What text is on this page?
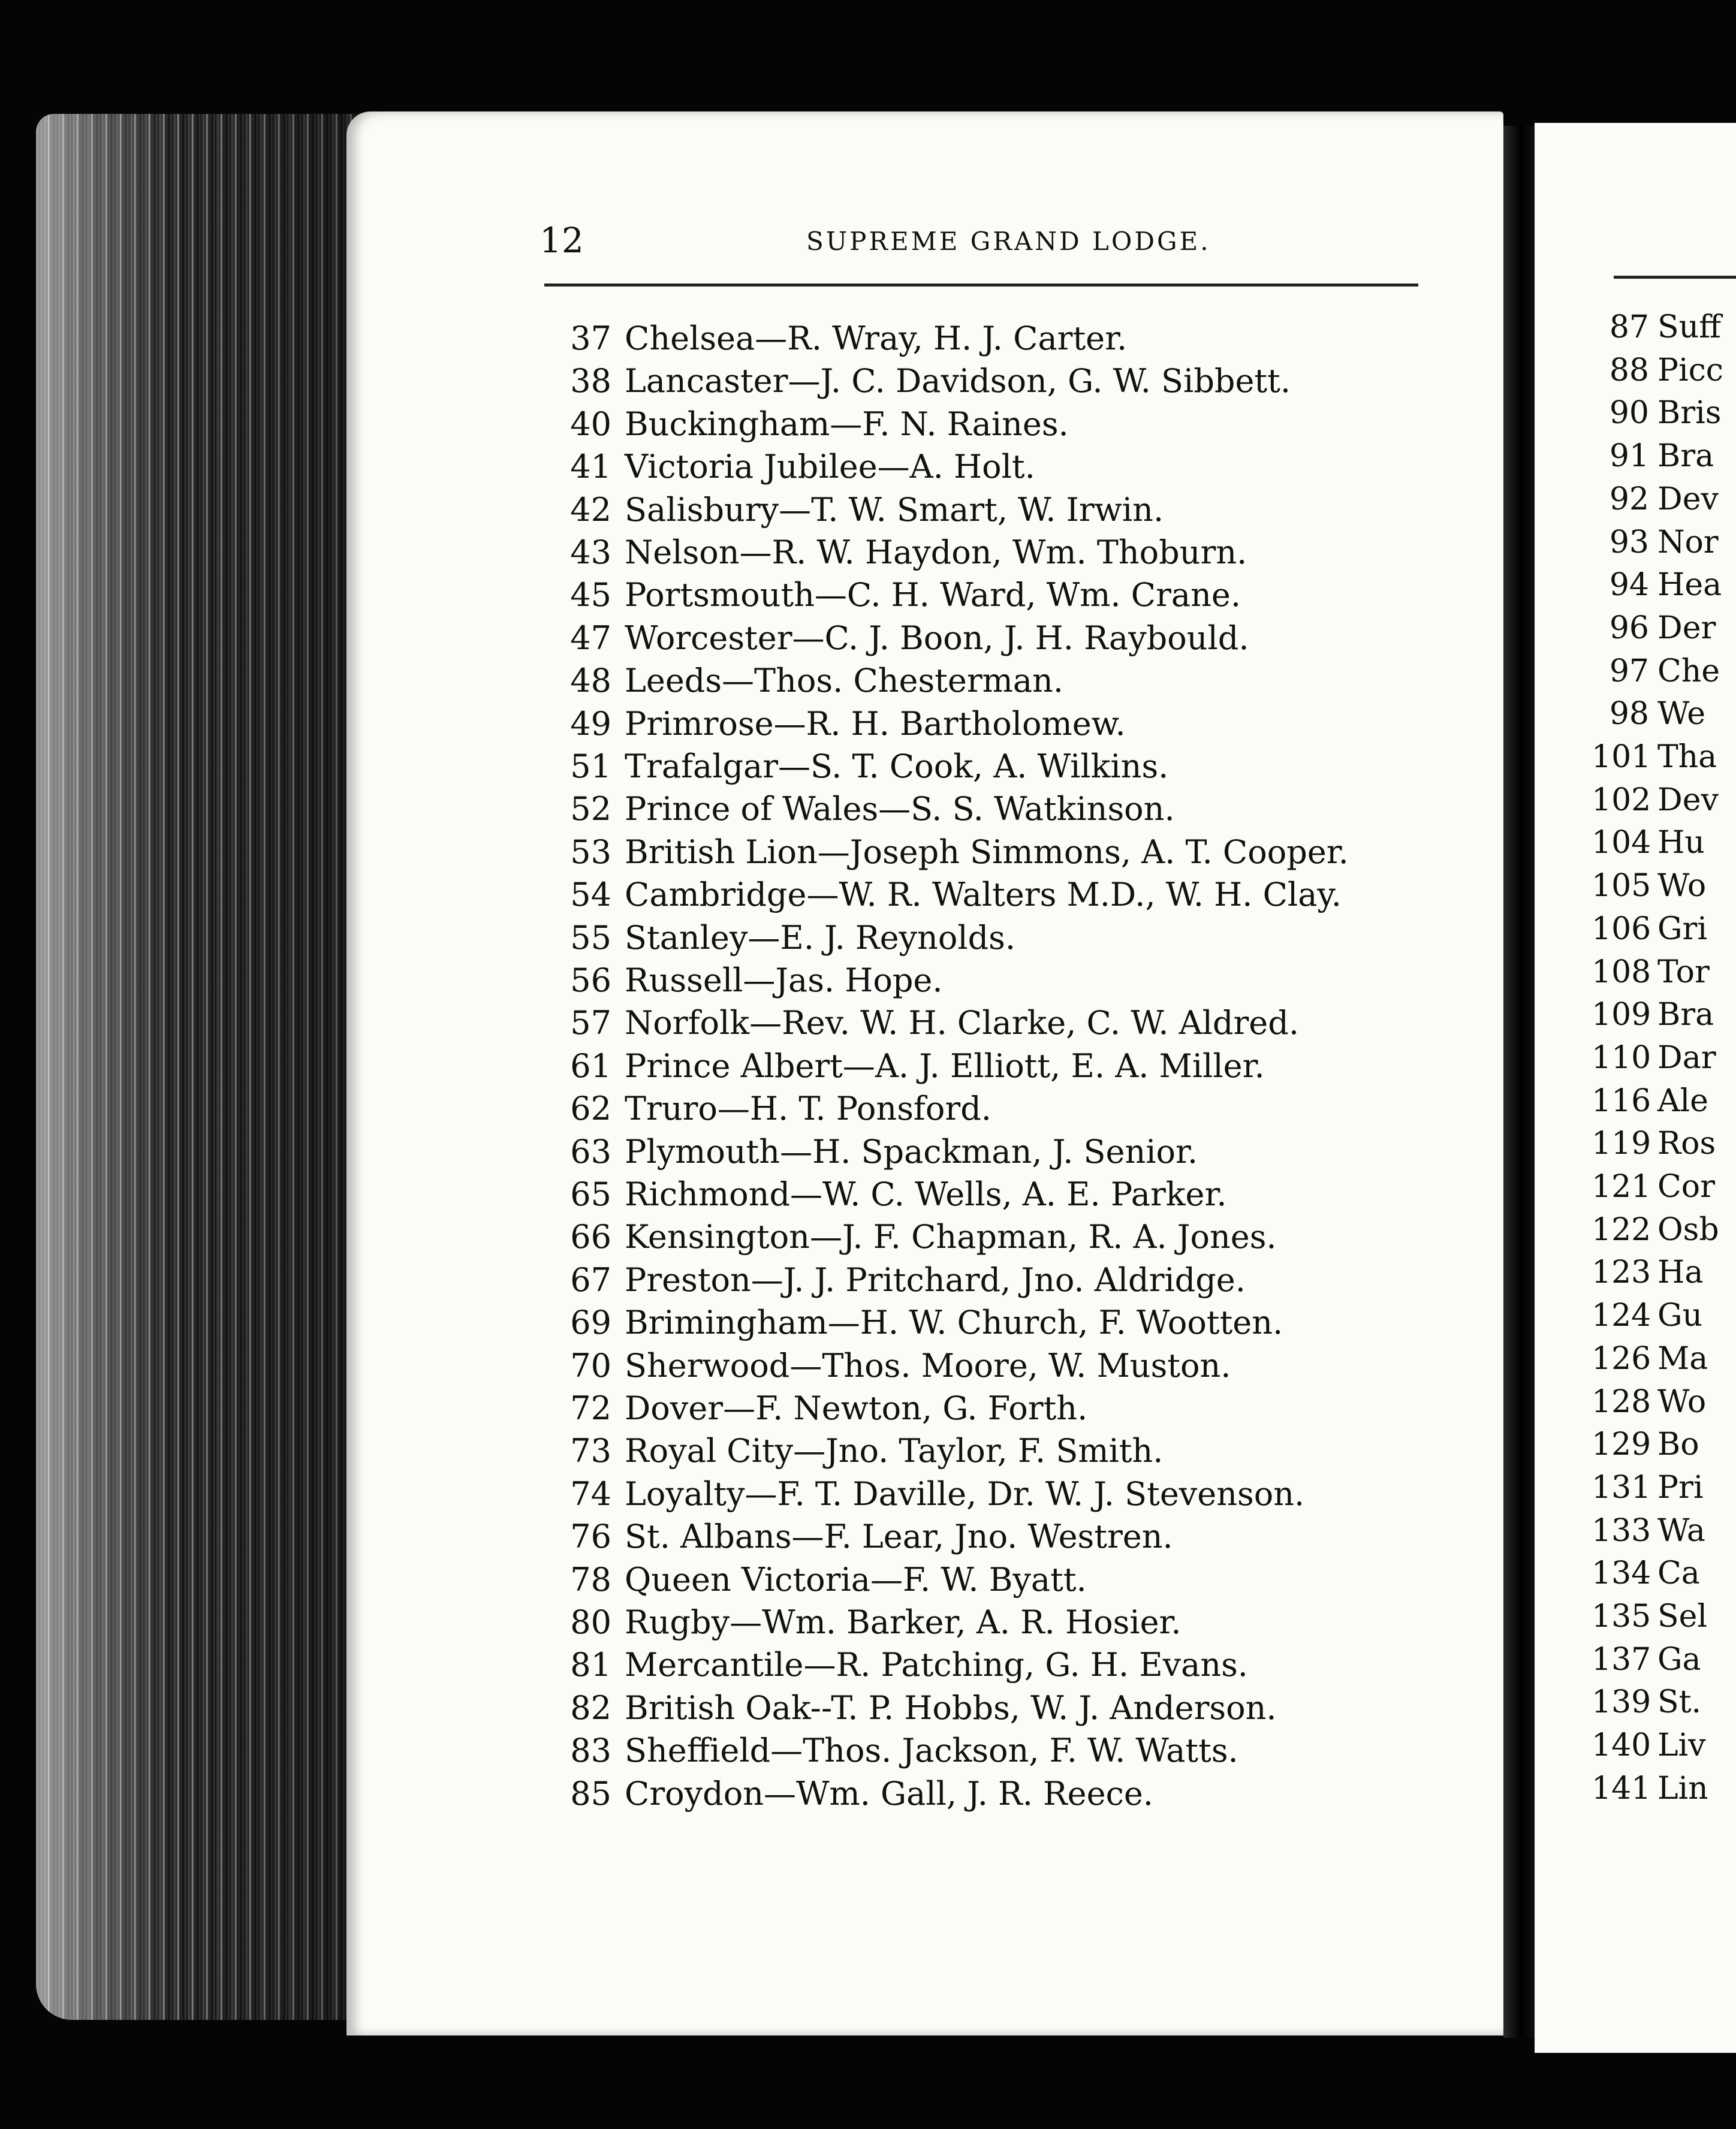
12	SUPREME GRAND LODGE.
37 Chelsea—R. Wray, H. J. Carter.
38 Lancaster—J. C. Davidson, G. W. Sibbett.
40 Buckingham—F. N. Raines.
41 Victoria Jubilee—A. Holt.
42 Salisbury—T. W. Smart, W. Irwin.
43 Nelson—R. W. Haydon, Wm. Thoburn.
45 Portsmouth—C. H. Ward, Wm. Crane.
47 Worcester—C. J. Boon, J. H. Raybould.
48 Leeds—Thos. Chesterman.
49 Primrose—R. H. Bartholomew.
51 Trafalgar—S. T. Cook, A. Wilkins.
52 Prince of Wales—S. S. Watkinson.
53 British Lion—Joseph Simmons, A. T. Cooper.
54 Cambridge—W. R. Walters M.D., W. H. Clay.
55 Stanley—E. J. Reynolds.
56 Russell—Jas. Hope.
57 Norfolk—Rev. W. H. Clarke, C. W. Aldred.
61 Prince Albert—A. J. Elliott, E. A. Miller.
62 Truro—H. T. Ponsford.
63 Plymouth—H. Spackman, J. Senior.
65 Richmond—W. C. Wells, A. E. Parker.
66 Kensington—J. F. Chapman, R. A. Jones.
67 Preston—J. J. Pritchard, Jno. Aldridge.
69 Brimingham—H. W. Church, F. Wootten.
70 Sherwood—Thos. Moore, W. Muston.
72 Dover—F. Newton, G. Forth.
73 Royal City—Jno. Taylor, F. Smith.
74 Loyalty—F. T. Daville, Dr. W. J. Stevenson.
76 St. Albans—F. Lear, Jno. Westren.
78 Queen Victoria—F. W. Byatt.
80 Rugby—Wm. Barker, A. R. Hosier.
81 Mercantile—R. Patching, G. H. Evans.
82 British Oak--T. P. Hobbs, W. J. Anderson.
83 Sheffield—Thos. Jackson, F. W. Watts.
85 Croydon—Wm. Gall, J. R. Reece.
87 Suff
88 Picc
90 Bris
91 Bra
92 Dev
93 Nor
94 Hea
96 Der
97 Che
98 We
101 Tha
102 Dev
104 Hu
105 Wo
106 Gri
108 Tor
109 Bra
110 Dar
116 Ale
119 Ros
121 Cor
122 Osb
123 Ha
124 Gu
126 Ma
128 Wo
129 Bo
131 Pri
133 Wa
134 Ca
135 Sel
137 Ga
139 St.
140 Liv
141 Lin
